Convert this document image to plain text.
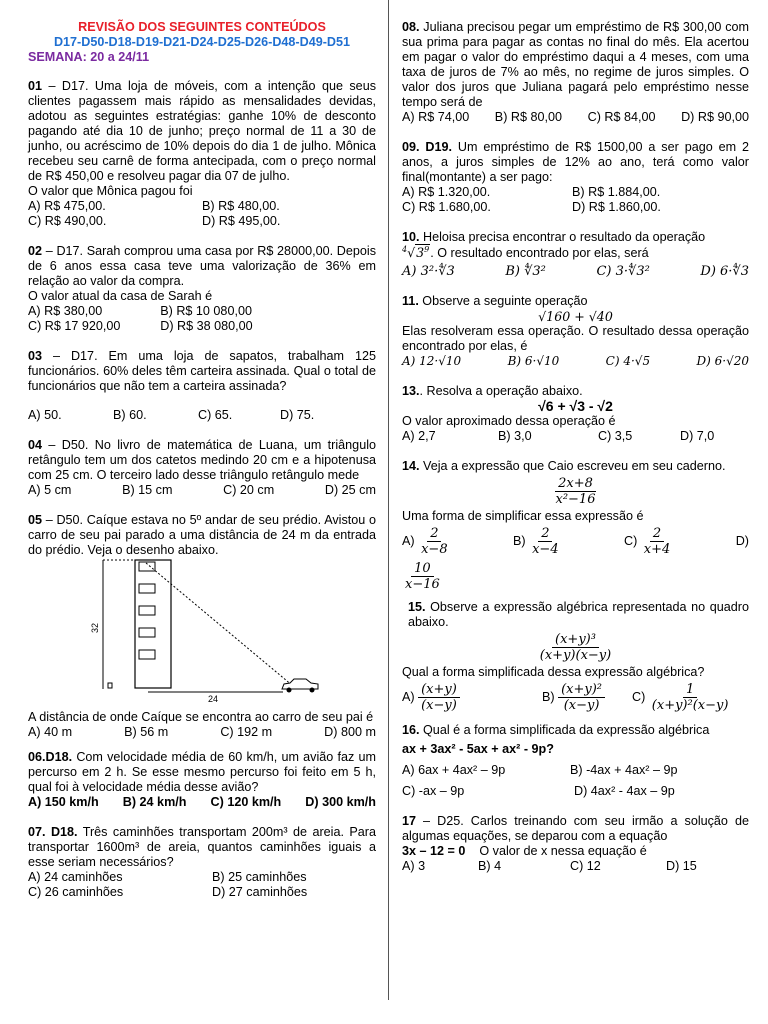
REVISÃO DOS SEGUINTES CONTEÚDOS

D17-D50-D18-D19-D21-D24-D25-D26-D48-D49-D51

SEMANA: 20 a 24/11

01 – D17. Uma loja de móveis, com a intenção que seus clientes pagassem mais rápido as mensalidades devidas, adotou as seguintes estratégias: ganhe 10% de desconto pagando até dia 10 de junho; preço normal de 11 a 30 de junho, ou acréscimo de 10% depois do dia 1 de julho. Mônica recebeu seu carnê de forma antecipada, com o preço normal de R$ 450,00 e resolveu pagar dia 07 de julho.

O valor que Mônica pagou foi

A) R$ 475,00.	B) R$ 480,00.
C) R$ 490,00.	D) R$ 495,00.

02 – D17. Sarah comprou uma casa por R$ 28000,00. Depois de 6 anos essa casa teve uma valorização de 36% em relação ao valor da compra.

O valor atual da casa de Sarah é

A) R$ 380,00	B) R$ 10 080,00
C) R$ 17 920,00	D) R$ 38 080,00

03 – D17. Em uma loja de sapatos, trabalham 125 funcionários. 60% deles têm carteira assinada. Qual o total de funcionários que não tem a carteira assinada?

A) 50.	B) 60.	C) 65.	D) 75.

04 – D50. No livro de matemática de Luana, um triângulo retângulo tem um dos catetos medindo 20 cm e a hipotenusa com 25 cm. O terceiro lado desse triângulo retângulo mede

A) 5 cm	B) 15 cm	C) 20 cm	D) 25 cm

05 – D50. Caíque estava no 5º andar de seu prédio. Avistou o carro de seu pai parado a uma distância de 24 m da entrada do prédio. Veja o desenho abaixo.

32
24

A distância de onde Caíque se encontra ao carro de seu pai é

A) 40 m	B) 56 m	C) 192 m	D) 800 m

06.D18. Com velocidade média de 60 km/h, um avião faz um percurso em 2 h. Se esse mesmo percurso foi feito em 5 h, qual foi à velocidade média desse avião?

A) 150 km/h B) 24 km/h C) 120 km/h D) 300 km/h

07. D18. Três caminhões transportam 200m³ de areia. Para transportar 1600m³ de areia, quantos caminhões iguais a esse seriam necessários?

A) 24 caminhões	B) 25 caminhões
C) 26 caminhões	D) 27 caminhões

08. Juliana precisou pegar um empréstimo de R$ 300,00 com sua prima para pagar as contas no final do mês. Ela acertou em pagar o valor do empréstimo daqui a 4 meses, com uma taxa de juros de 7% ao mês, no regime de juros simples. O valor dos juros que Juliana pagará pelo empréstimo nesse tempo será de

A) R$ 74,00 B) R$ 80,00 C) R$ 84,00 D) R$ 90,00

09. D19. Um empréstimo de R$ 1500,00 a ser pago em 2 anos, a juros simples de 12% ao ano, terá como valor final(montante) a ser pago:

A) R$ 1.320,00.	B) R$ 1.884,00.
C) R$ 1.680,00.	D) R$ 1.860,00.

10. Heloisa precisa encontrar o resultado da operação

$^4√3^9$. O resultado encontrado por elas, será

A) 3²·∜3	B) ∜3²	C) 3·∜3²	D) 6·∜3

11. Observe a seguinte operação

√160 + √40

Elas resolveram essa operação. O resultado dessa operação encontrado por elas, é

A) 12·√10	B) 6·√10	C) 4·√5	D) 6·√20

13.. Resolva a operação abaixo.

√6 + √3 - √2

O valor aproximado dessa operação é

A) 2,7	B) 3,0	C) 3,5	D) 7,0

14. Veja a expressão que Caio escreveu em seu caderno.

$\frac{2x+8}{\text{x²−16}}$

Uma forma de simplificar essa expressão é

$A) \frac{2}{x-8}$	$B) \frac{2}{x-4}$	$C) \frac{2}{x+4}$	D)
$\frac{10}{x-16}$

15. Observe a expressão algébrica representada no quadro abaixo.

$\frac{\text{(x+y)³}}{(x+y)(x-y)}$

Qual a forma simplificada dessa expressão algébrica?

$A) \frac{(x+y)}{(x-y)}$	$B) \frac{\text{(x+y)²}}{(x-y)} C) \frac{1}{\text{(x+y)²(x−y)}}$

16. Qual é a forma simplificada da expressão algébrica

ax + 3ax² - 5ax + ax² - 9p?

A) 6ax + 4ax² – 9p	B) -4ax + 4ax² – 9p
C) -ax – 9p	D) 4ax² - 4ax – 9p

17 – D25. Carlos treinando com seu irmão a solução de algumas equações, se deparou com a equação

3x – 12 = 0 O valor de x nessa equação é

A) 3	B) 4	C) 12	D) 15
